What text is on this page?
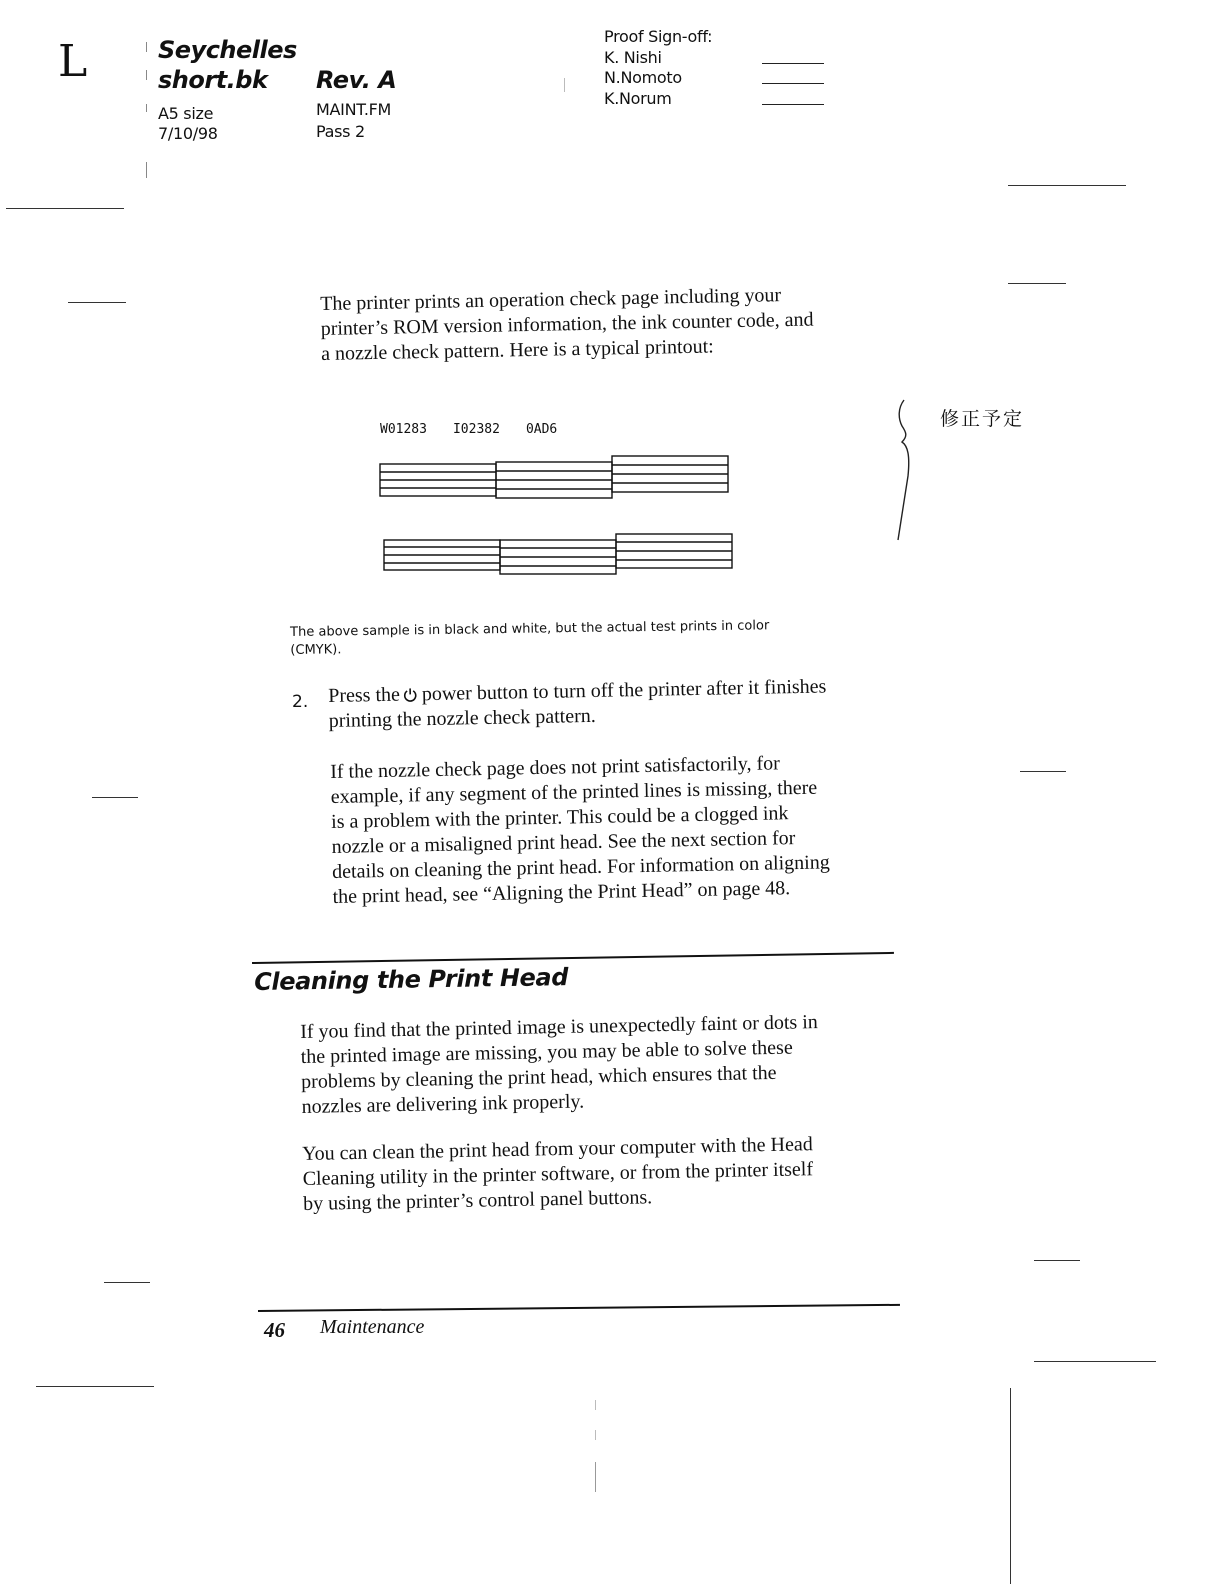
L	Seychelles
short.bk Rev. A
A5 size
7/10/98
MAINT.FM
Pass 2
Proof Sign-off:
K. Nishi
N.Nomoto
K.Norum

The printer prints an operation check page including your

printer’s ROM version information, the ink counter code, and

a nozzle check pattern. Here is a typical printout:

W01283 I02382 0AD6	修正予定
The above sample is in black and white, but the actual test prints in color
(CMYK).
2. Press the power button to turn off the printer after it finishes

printing the nozzle check pattern.

If the nozzle check page does not print satisfactorily, for

example, if any segment of the printed lines is missing, there

is a problem with the printer. This could be a clogged ink

nozzle or a misaligned print head. See the next section for

details on cleaning the print head. For information on aligning

the print head, see “Aligning the Print Head” on page 48.

Cleaning the Print Head

If you find that the printed image is unexpectedly faint or dots in

the printed image are missing, you may be able to solve these

problems by cleaning the print head, which ensures that the

nozzles are delivering ink properly.

You can clean the print head from your computer with the Head

Cleaning utility in the printer software, or from the printer itself

by using the printer’s control panel buttons.

46 Maintenance
